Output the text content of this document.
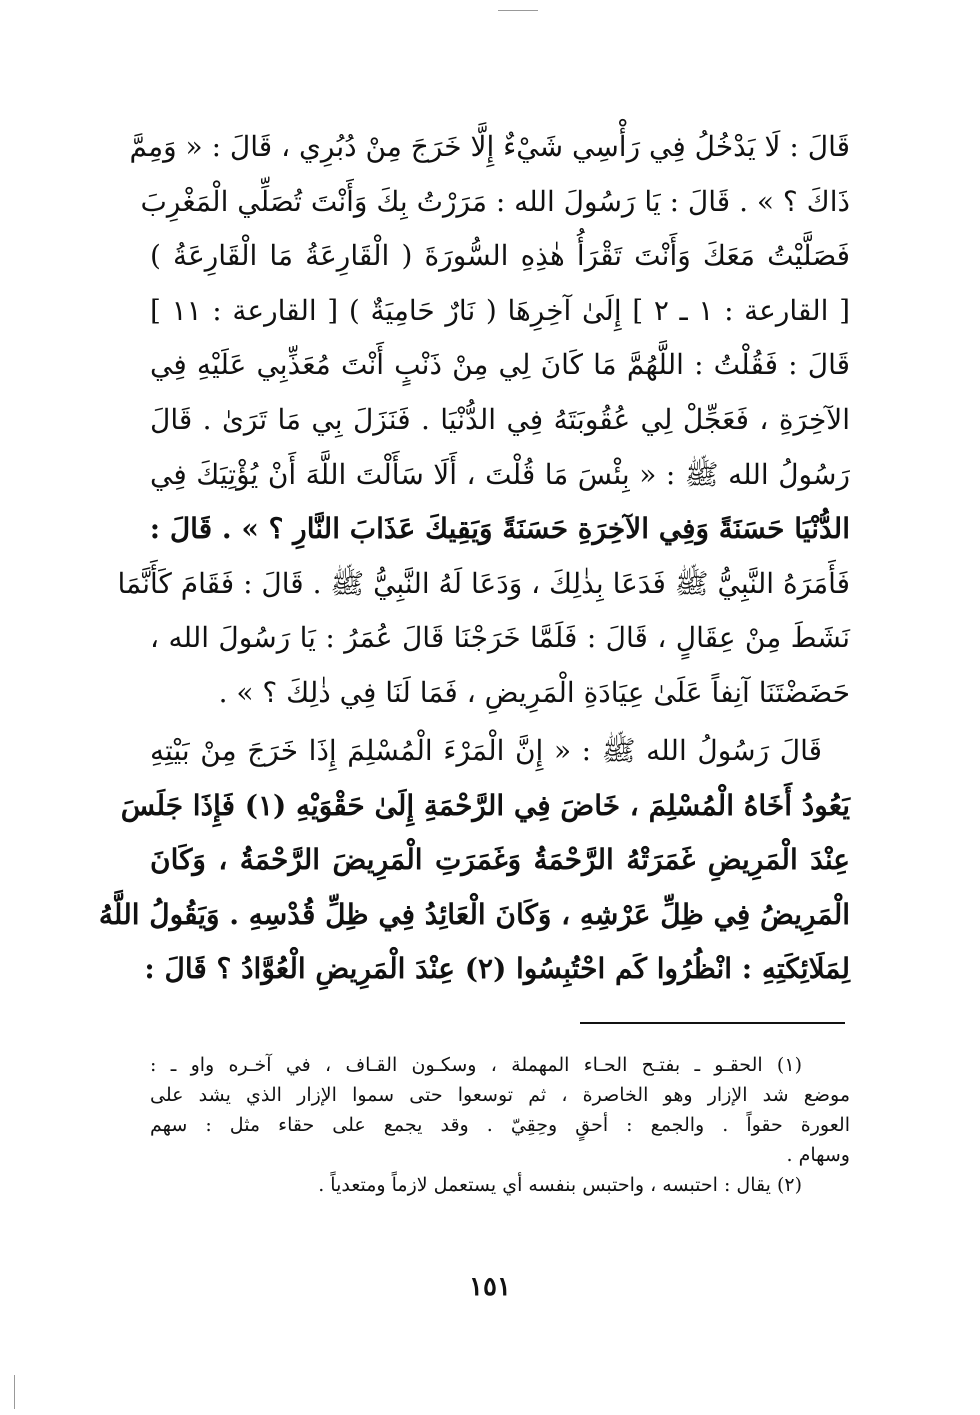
قَالَ : لَا يَدْخُلُ فِي رَأْسِي شَيْءٌ إِلَّا خَرَجَ مِنْ دُبُرِي ، قَالَ : « وَمِمَّ
ذَاكَ ؟ » . قَالَ : يَا رَسُولَ الله : مَرَرْتُ بِكَ وَأَنْتَ تُصَلِّي الْمَغْرِبَ
فَصَلَّيْتُ مَعَكَ وَأَنْتَ تَقْرَأُ هٰذِهِ السُّورَةَ ( الْقَارِعَةُ مَا الْقَارِعَةُ )
[ القارعة : ١ ـ ٢ ] إِلَىٰ آخِرِهَا ( نَارٌ حَامِيَةٌ ) [ القارعة : ١١ ]
قَالَ : فَقُلْتُ : اللَّهُمَّ مَا كَانَ لِي مِنْ ذَنْبٍ أَنْتَ مُعَذِّبِي عَلَيْهِ فِي
الآخِرَةِ ، فَعَجِّلْ لِي عُقُوبَتَهُ فِي الدُّنْيَا . فَنَزَلَ بِي مَا تَرَىٰ . قَالَ
رَسُولُ الله ﷺ : « بِئْسَ مَا قُلْتَ ، أَلَا سَأَلْتَ اللَّهَ أَنْ يُؤْتِيَكَ فِي
الدُّنْيَا حَسَنَةً وَفِي الآخِرَةِ حَسَنَةً وَيَقِيكَ عَذَابَ النَّارِ ؟ » . قَالَ :
فَأَمَرَهُ النَّبِيُّ ﷺ فَدَعَا بِذٰلِكَ ، وَدَعَا لَهُ النَّبِيُّ ﷺ . قَالَ : فَقَامَ كَأَنَّمَا
نَشَطَ مِنْ عِقَالٍ ، قَالَ : فَلَمَّا خَرَجْنَا قَالَ عُمَرُ : يَا رَسُولَ الله ،
حَضَضْتَنَا آنِفاً عَلَىٰ عِيَادَةِ الْمَرِيضِ ، فَمَا لَنَا فِي ذٰلِكَ ؟ » .
قَالَ رَسُولُ الله ﷺ : « إِنَّ الْمَرْءَ الْمُسْلِمَ إِذَا خَرَجَ مِنْ بَيْتِهِ
يَعُودُ أَخَاهُ الْمُسْلِمَ ، خَاضَ فِي الرَّحْمَةِ إِلَىٰ حَقْوَيْهِ (١) فَإِذَا جَلَسَ
عِنْدَ الْمَرِيضِ غَمَرَتْهُ الرَّحْمَةُ وَغَمَرَتِ الْمَرِيضَ الرَّحْمَةُ ، وَكَانَ
الْمَرِيضُ فِي ظِلِّ عَرْشِهِ ، وَكَانَ الْعَائِدُ فِي ظِلِّ قُدْسِهِ . وَيَقُولُ اللَّهُ
لِمَلَائِكَتِهِ : انْظُرُوا كَم احْتُبِسُوا (٢) عِنْدَ الْمَرِيضِ الْعُوَّادُ ؟ قَالَ :
(١) الحقـو ـ بفتـح الحـاء المهملة ، وسكـون القـاف ، في آخـره واو ـ :
موضع شد الإزار وهو الخاصرة ، ثم توسعوا حتى سموا الإزار الذي يشد على
العورة حقواً . والجمع : أحقٍ وحِقِيّ . وقد يجمع على حقاء مثل : سهم
وسهام .
(٢) يقال : احتبسه ، واحتبس بنفسه أي يستعمل لازماً ومتعدياً .
١٥١
